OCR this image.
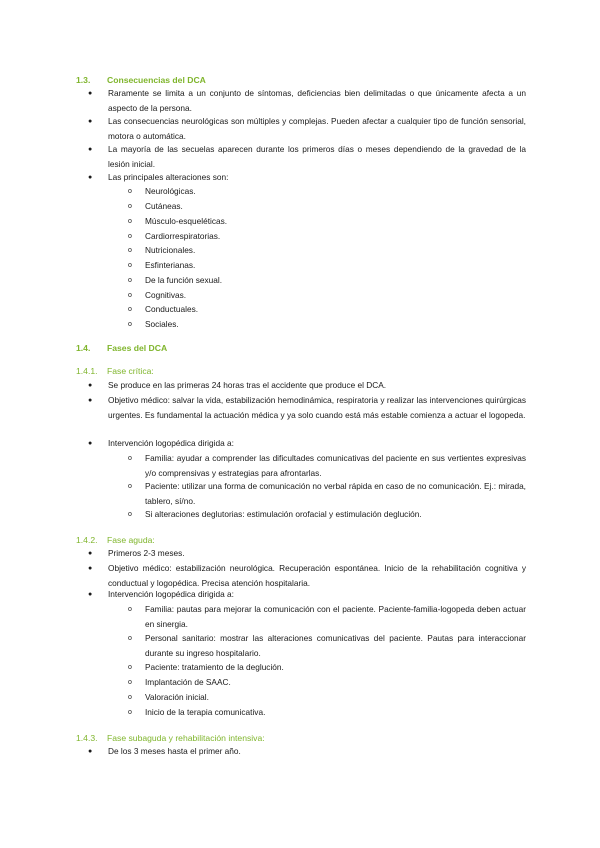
1.3. Consecuencias del DCA
● Raramente se limita a un conjunto de síntomas, deficiencias bien delimitadas o que únicamente afecta a un aspecto de la persona.
● Las consecuencias neurológicas son múltiples y complejas. Pueden afectar a cualquier tipo de función sensorial, motora o automática.
● La mayoría de las secuelas aparecen durante los primeros días o meses dependiendo de la gravedad de la lesión inicial.
● Las principales alteraciones son:
o Neurológicas.
o Cutáneas.
o Músculo-esqueléticas.
o Cardiorrespiratorias.
o Nutricionales.
o Esfinterianas.
o De la función sexual.
o Cognitivas.
o Conductuales.
o Sociales.
1.4. Fases del DCA
1.4.1. Fase crítica:
● Se produce en las primeras 24 horas tras el accidente que produce el DCA.
● Objetivo médico: salvar la vida, estabilización hemodinámica, respiratoria y realizar las intervenciones quirúrgicas urgentes. Es fundamental la actuación médica y ya solo cuando está más estable comienza a actuar el logopeda.
● Intervención logopédica dirigida a:
o Familia: ayudar a comprender las dificultades comunicativas del paciente en sus vertientes expresivas y/o comprensivas y estrategias para afrontarlas.
o Paciente: utilizar una forma de comunicación no verbal rápida en caso de no comunicación. Ej.: mirada, tablero, sí/no.
o Si alteraciones deglutorias: estimulación orofacial y estimulación deglución.
1.4.2. Fase aguda:
● Primeros 2-3 meses.
● Objetivo médico: estabilización neurológica. Recuperación espontánea. Inicio de la rehabilitación cognitiva y conductual y logopédica. Precisa atención hospitalaria.
● Intervención logopédica dirigida a:
o Familia: pautas para mejorar la comunicación con el paciente. Paciente-familia-logopeda deben actuar en sinergia.
o Personal sanitario: mostrar las alteraciones comunicativas del paciente. Pautas para interaccionar durante su ingreso hospitalario.
o Paciente: tratamiento de la deglución.
o Implantación de SAAC.
o Valoración inicial.
o Inicio de la terapia comunicativa.
1.4.3. Fase subaguda y rehabilitación intensiva:
● De los 3 meses hasta el primer año.
